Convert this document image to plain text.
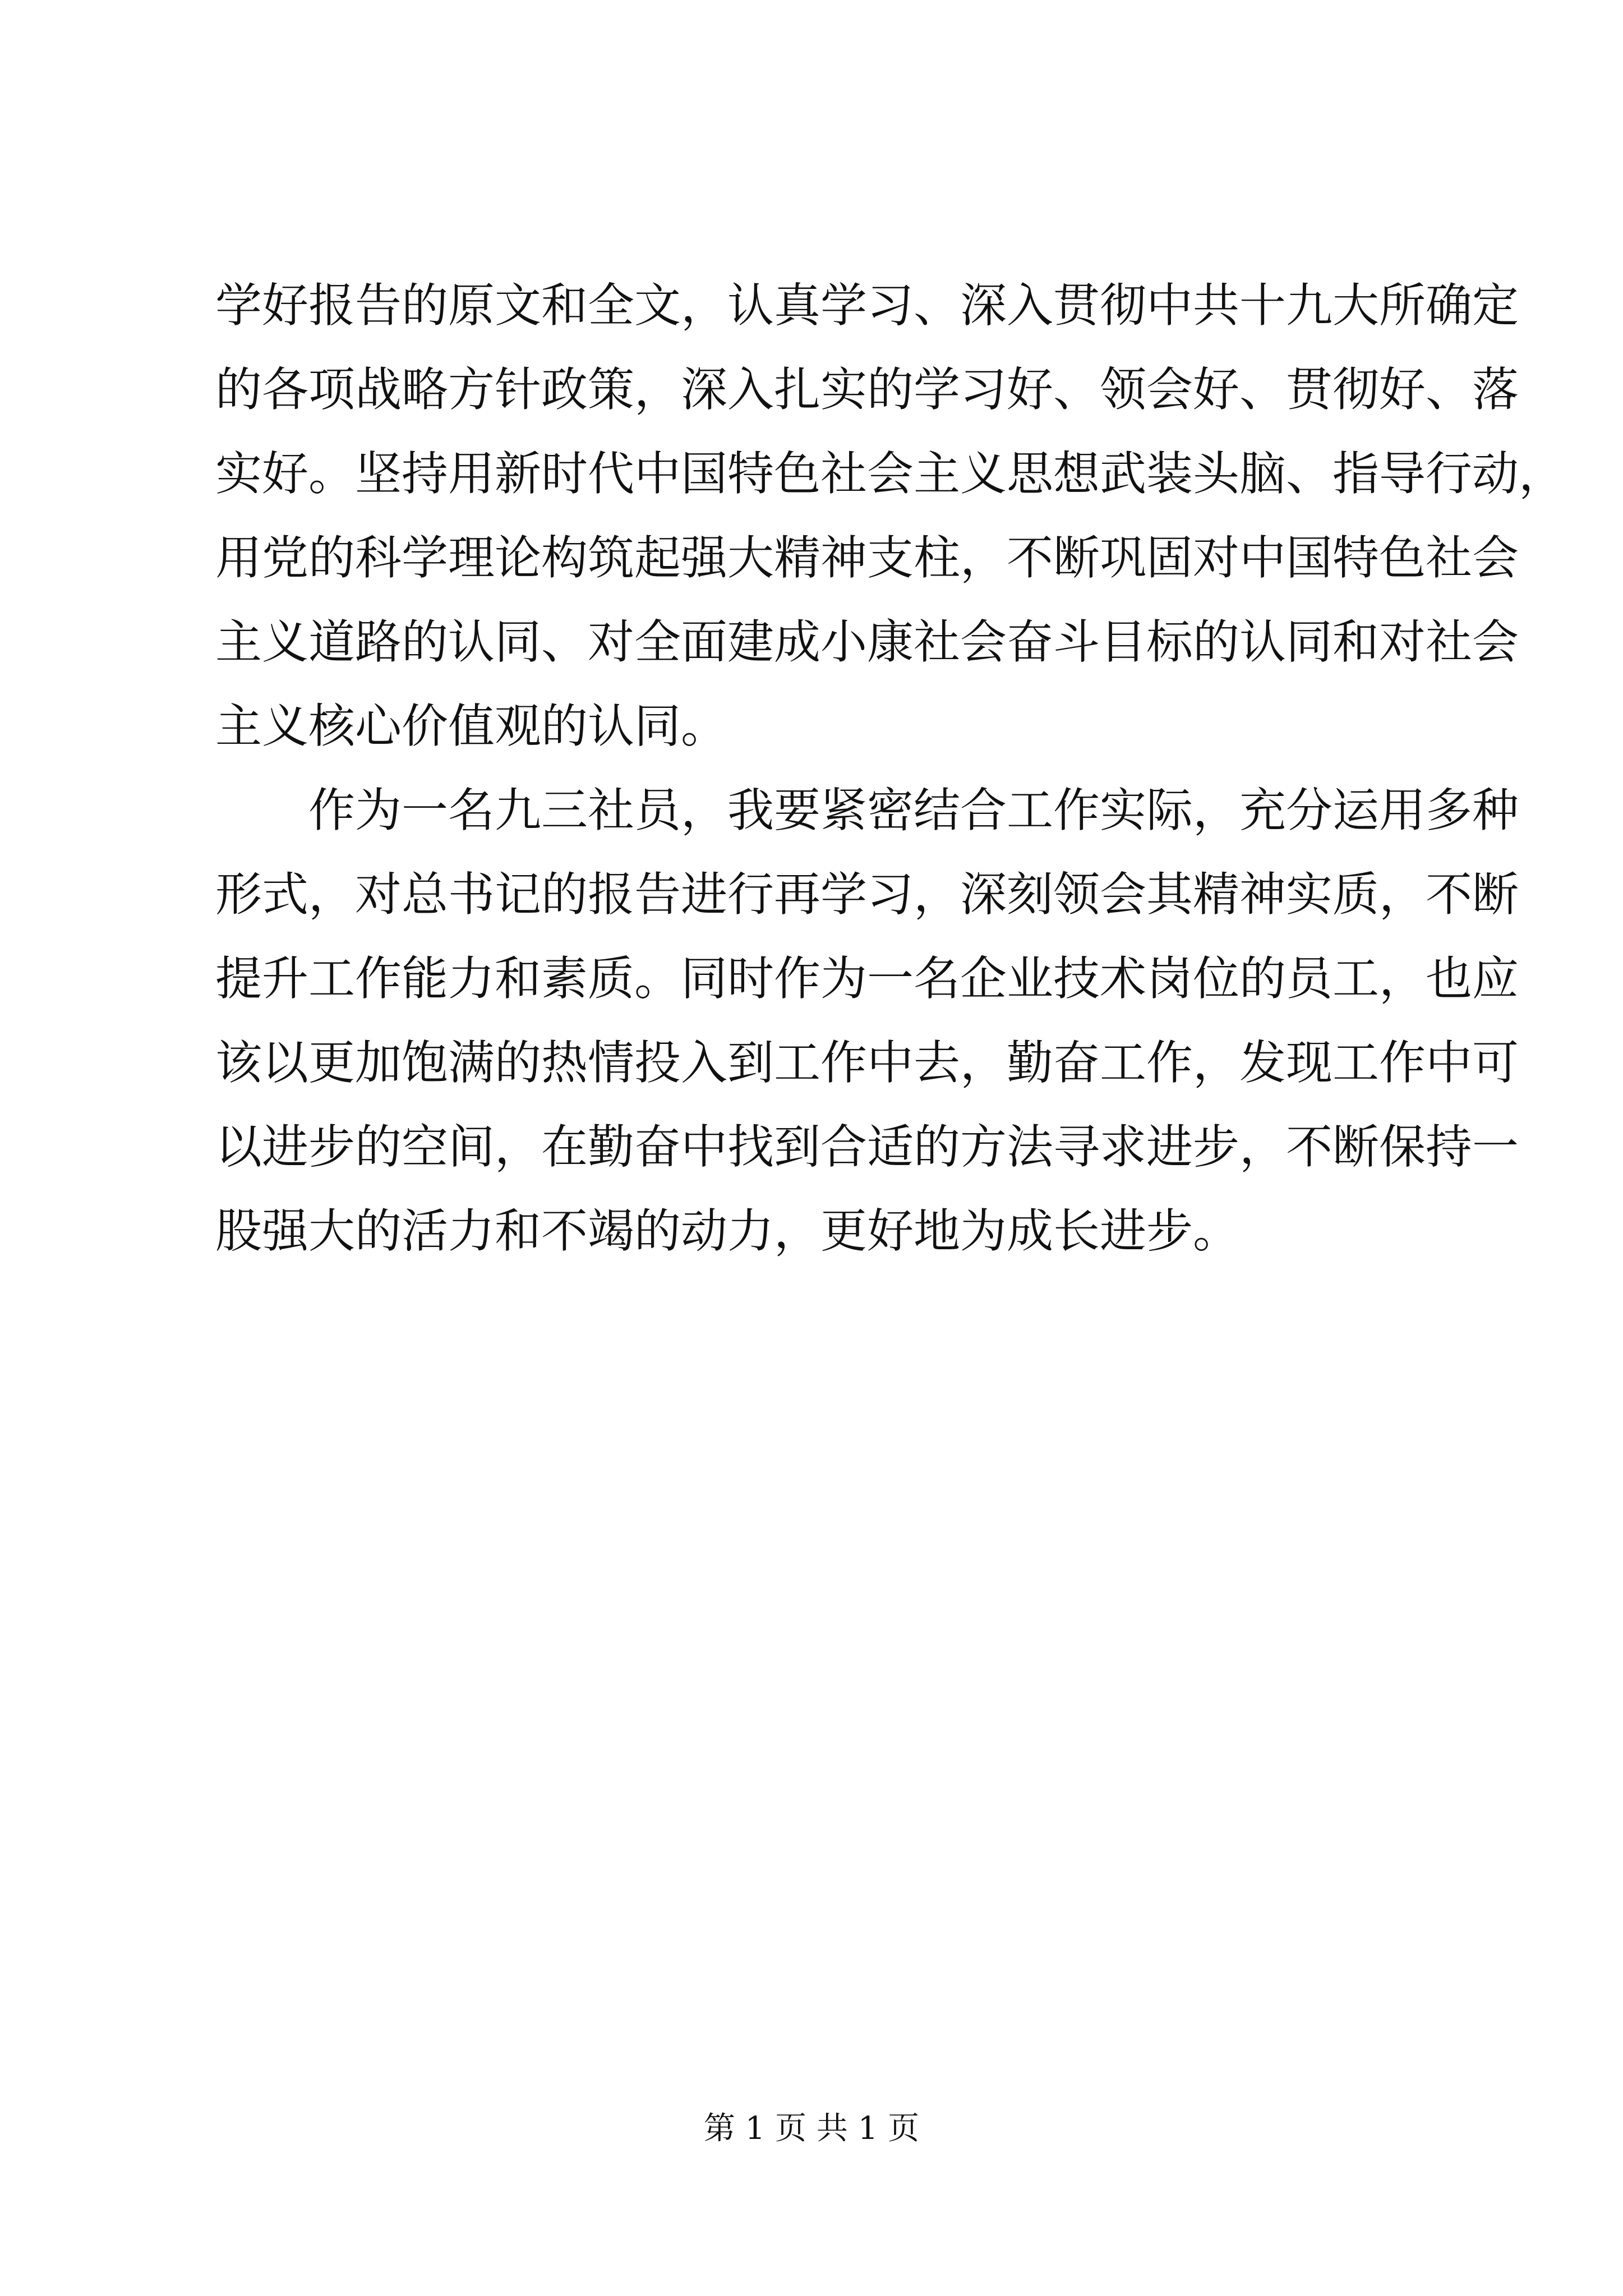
学好报告的原文和全文，认真学习、深入贯彻中共十九大所确定
的各项战略方针政策，深入扎实的学习好、领会好、贯彻好、落
实好。坚持用新时代中国特色社会主义思想武装头脑、指导行动，
用党的科学理论构筑起强大精神支柱，不断巩固对中国特色社会
主义道路的认同、对全面建成小康社会奋斗目标的认同和对社会
主义核心价值观的认同。
作为一名九三社员，我要紧密结合工作实际，充分运用多种
形式，对总书记的报告进行再学习，深刻领会其精神实质，不断
提升工作能力和素质。同时作为一名企业技术岗位的员工，也应
该以更加饱满的热情投入到工作中去，勤奋工作，发现工作中可
以进步的空间，在勤奋中找到合适的方法寻求进步，不断保持一
股强大的活力和不竭的动力，更好地为成长进步。
第 1 页 共 1 页
